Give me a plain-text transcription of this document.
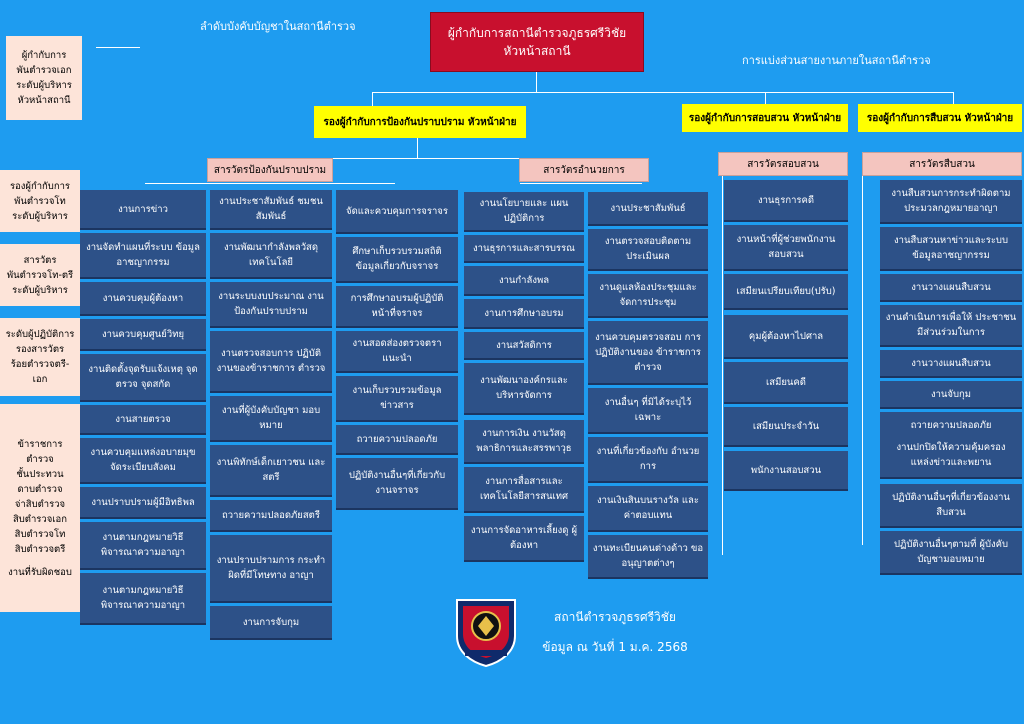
ลำดับบังคับบัญชาในสถานีตำรวจ
การแบ่งส่วนสายงานภายในสถานีตำรวจ
ผู้กำกับการสถานีตำรวจภูธรศรีวิชัย
หัวหน้าสถานี
รองผู้กำกับการป้องกันปราบปราม หัวหน้าฝ่าย	รองผู้กำกับการสอบสวน หัวหน้าฝ่าย	รองผู้กำกับการสืบสวน หัวหน้าฝ่าย
สารวัตรป้องกันปราบปราม	สารวัตรอำนวยการ
สารวัตรสอบสวน	สารวัตรสืบสวน
ผู้กำกับการ
พันตำรวจเอก
ระดับผู้บริหาร
หัวหน้าสถานี
รองผู้กำกับการ
พันตำรวจโท
ระดับผู้บริหาร
สารวัตร
พันตำรวจโท-ตรี
ระดับผู้บริหาร
ระดับผู้ปฏิบัติการ
รองสารวัตร
ร้อยตำรวจตรี-
เอก
ข้าราชการ
ตำรวจ
ชั้นประทวน
ดาบตำรวจ
จ่าสิบตำรวจ
สิบตำรวจเอก
สิบตำรวจโท
สิบตำรวจตรี
งานที่รับผิดชอบ
งานการข่าว
งานจัดทำแผนที่ระบบ ข้อมูลอาชญากรรม
งานควบคุมผู้ต้องหา
งานควบคุมศูนย์วิทยุ
งานติดตั้งจุดรับแจ้งเหตุ จุดตรวจ จุดสกัด
งานสายตรวจ
งานควบคุมแหล่งอบายมุข จัดระเบียบสังคม
งานปราบปรามผู้มีอิทธิพล
งานตามกฎหมายวิธี พิจารณาความอาญา
งานตามกฎหมายวิธี พิจารณาความอาญา
งานประชาสัมพันธ์ ชมชนสัมพันธ์
งานพัฒนากำลังพลวัสดุ เทคโนโลยี
งานระบบงบประมาณ งานป้องกันปราบปราม
งานตรวจสอบการ ปฏิบัติงานของข้าราชการ ตำรวจ
งานที่ผู้บังคับบัญชา มอบหมาย
งานพิทักษ์เด็กเยาวชน และสตรี
ถวายความปลอดภัยสตรี
งานปราบปรามการ กระทำผิดที่มีโทษทาง อาญา
งานการจับกุม
จัดและควบคุมการจราจร
ศึกษาเก็บรวบรวมสถิติ ข้อมูลเกี่ยวกับจราจร
การศึกษาอบรมผู้ปฏิบัติ หน้าที่จราจร
งานสอดส่องตรวจตรา แนะนำ
งานเก็บรวบรวมข้อมูล ข่าวสาร
ถวายความปลอดภัย
ปฏิบัติงานอื่นๆที่เกี่ยวกับ งานจราจร
งานนโยบายและ แผนปฏิบัติการ
งานธุรการและสารบรรณ
งานกำลังพล
งานการศึกษาอบรม
งานสวัสดิการ
งานพัฒนาองค์กรและ บริหารจัดการ
งานการเงิน งานวัสดุ พลาธิการและสรรพาวุธ
งานการสื่อสารและ เทคโนโลยีสารสนเทศ
งานการจัดอาหารเลี้ยงดู ผู้ต้องหา
งานประชาสัมพันธ์
งานตรวจสอบติดตาม ประเมินผล
งานดูแลห้องประชุมและ จัดการประชุม
งานควบคุมตรวจสอบ การปฏิบัติงานของ ข้าราชการตำรวจ
งานอื่นๆ ที่มิได้ระบุไว้ เฉพาะ
งานที่เกี่ยวข้องกับ อำนวยการ
งานเงินสินบนรางวัล และค่าตอบแทน
งานทะเบียนคนต่างด้าว ขออนุญาตต่างๆ
งานธุรการคดี
งานหน้าที่ผู้ช่วยพนักงาน สอบสวน
เสมียนเปรียบเทียบ(ปรับ)
คุมผู้ต้องหาไปศาล
เสมียนคดี
เสมียนประจำวัน
พนักงานสอบสวน
งานสืบสวนการกระทำผิดตาม ประมวลกฎหมายอาญา
งานสืบสวนหาข่าวและระบบ ข้อมูลอาชญากรรม
งานวางแผนสืบสวน
งานดำเนินการเพื่อให้ ประชาชนมีส่วนร่วมในการ
งานวางแผนสืบสวน
งานจับกุม
ถวายความปลอดภัย
งานปกปิดให้ความคุ้มครอง แหล่งข่าวและพยาน
ปฏิบัติงานอื่นๆที่เกี่ยวข้องงาน สืบสวน
ปฏิบัติงานอื่นๆตามที่ ผู้บังคับบัญชามอบหมาย
สถานีตำรวจภูธรศรีวิชัย
ข้อมูล ณ วันที่ 1 ม.ค. 2568
